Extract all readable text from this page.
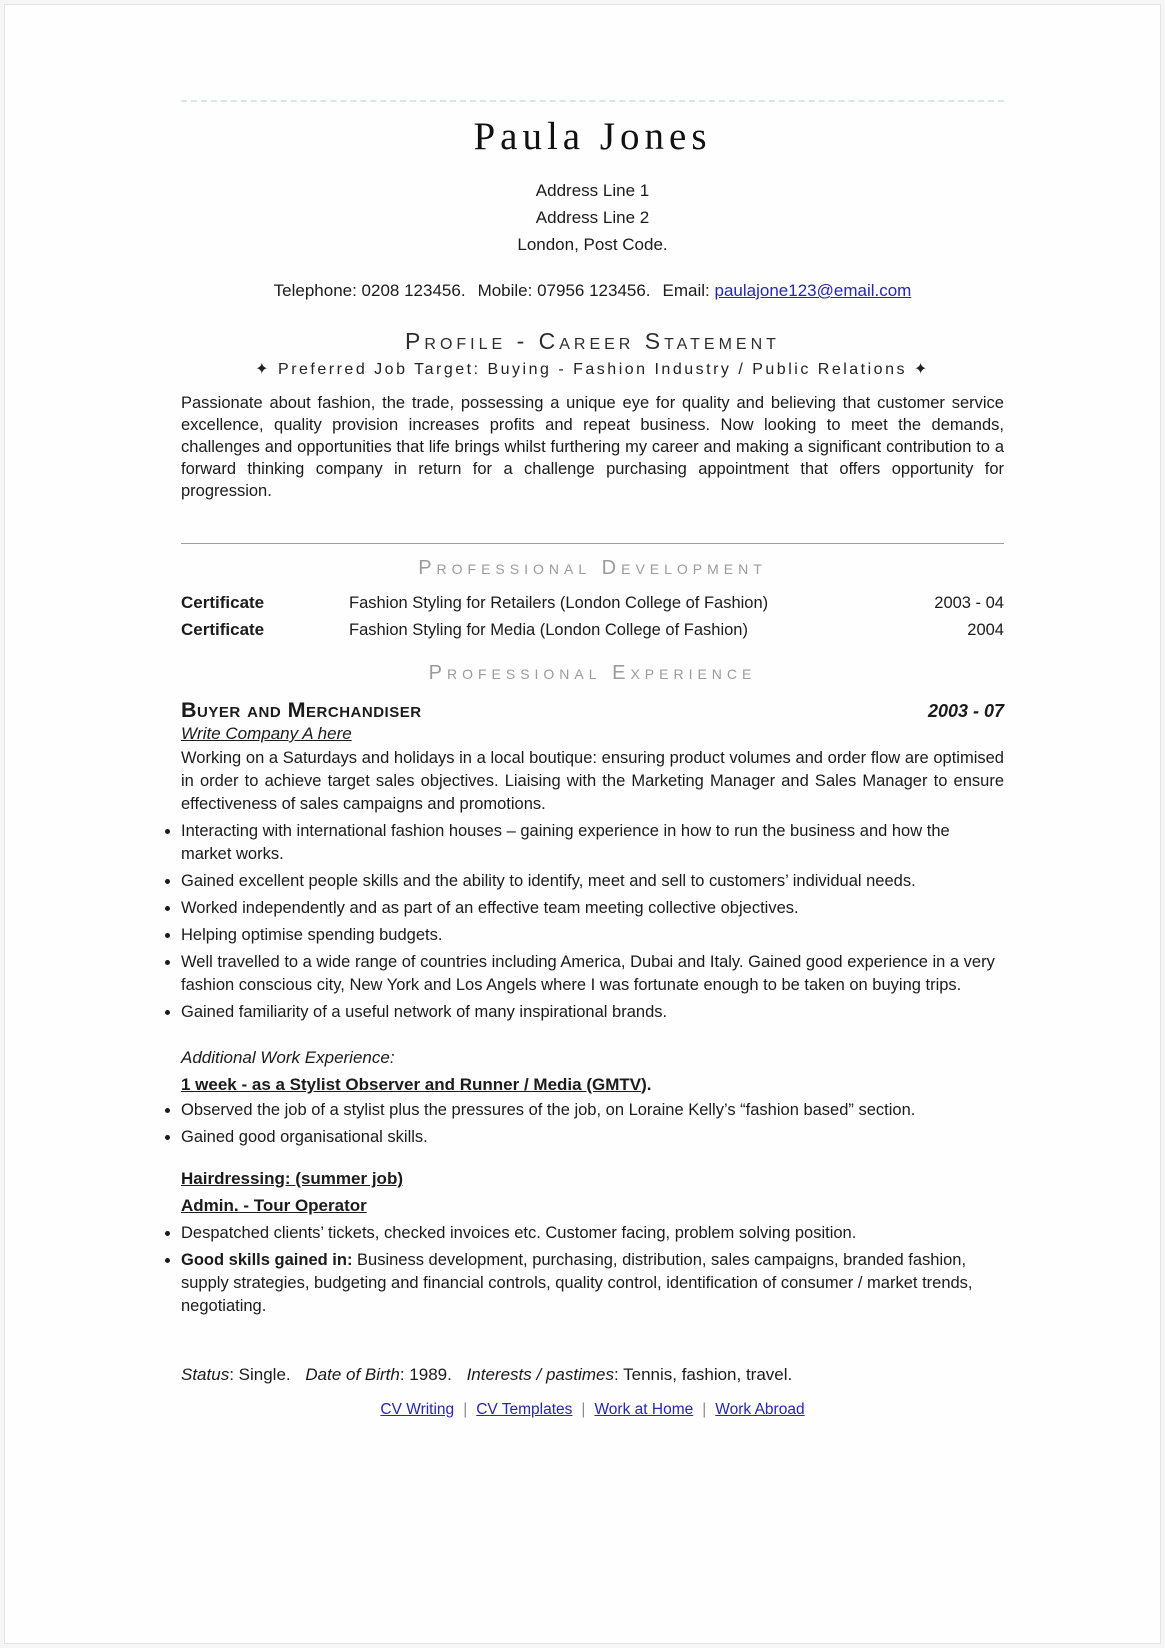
Paula Jones
Address Line 1
Address Line 2
London, Post Code.
Telephone: 0208 123456. Mobile: 07956 123456. Email: paulajone123@email.com
Profile - Career Statement
✦ Preferred Job Target: Buying - Fashion Industry / Public Relations ✦

Passionate about fashion, the trade, possessing a unique eye for quality and believing that customer service excellence, quality provision increases profits and repeat business. Now looking to meet the demands, challenges and opportunities that life brings whilst furthering my career and making a significant contribution to a forward thinking company in return for a challenge purchasing appointment that offers opportunity for progression.

Professional Development
Certificate	Fashion Styling for Retailers (London College of Fashion)	2003 - 04
Certificate	Fashion Styling for Media (London College of Fashion)	2004
Professional Experience
Buyer and Merchandiser	2003 - 07
Write Company A here

Working on a Saturdays and holidays in a local boutique: ensuring product volumes and order flow are optimised in order to achieve target sales objectives. Liaising with the Marketing Manager and Sales Manager to ensure effectiveness of sales campaigns and promotions.

• Interacting with international fashion houses – gaining experience in how to run the business and how the market works.
• Gained excellent people skills and the ability to identify, meet and sell to customers’ individual needs.
• Worked independently and as part of an effective team meeting collective objectives.
• Helping optimise spending budgets.
• Well travelled to a wide range of countries including America, Dubai and Italy. Gained good experience in a very fashion conscious city, New York and Los Angels where I was fortunate enough to be taken on buying trips.
• Gained familiarity of a useful network of many inspirational brands.
Additional Work Experience:
1 week - as a Stylist Observer and Runner / Media (GMTV).
• Observed the job of a stylist plus the pressures of the job, on Loraine Kelly’s “fashion based” section.
• Gained good organisational skills.
Hairdressing: (summer job)
Admin. - Tour Operator
• Despatched clients’ tickets, checked invoices etc. Customer facing, problem solving position.
• Good skills gained in: Business development, purchasing, distribution, sales campaigns, branded fashion, supply strategies, budgeting and financial controls, quality control, identification of consumer / market trends, negotiating.

Status: Single. Date of Birth: 1989. Interests / pastimes: Tennis, fashion, travel.

CV Writing | CV Templates | Work at Home | Work Abroad
